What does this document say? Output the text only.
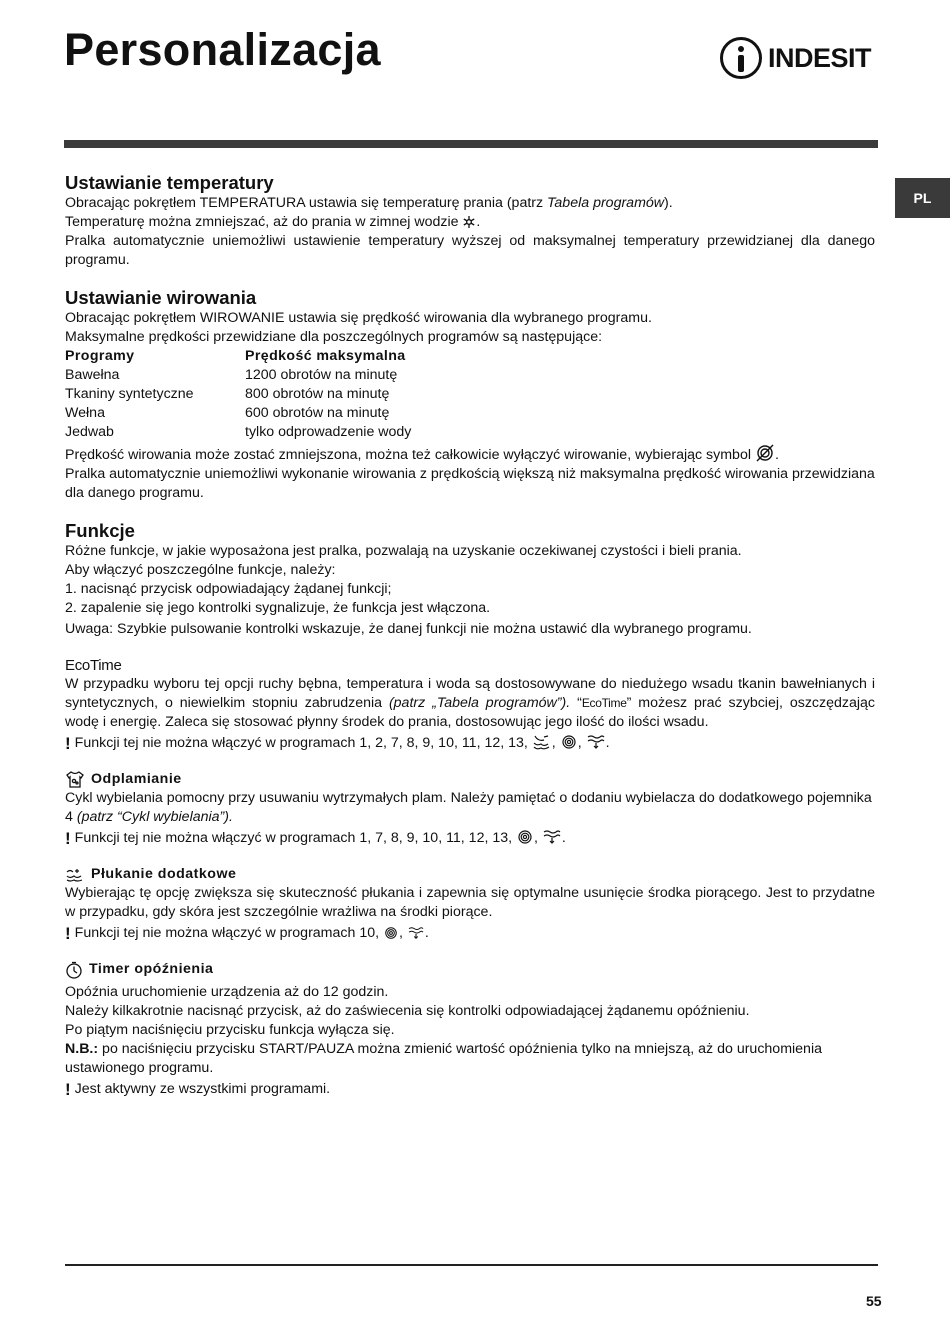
Personalizacja	INDESIT
PL
Ustawianie temperatury

Obracając pokrętłem TEMPERATURA ustawia się temperaturę prania (patrz Tabela programów).

Temperaturę można zmniejszać, aż do prania w zimnej wodzie .

Pralka automatycznie uniemożliwi ustawienie temperatury wyższej od maksymalnej temperatury przewidzianej dla danego programu.

Ustawianie wirowania

Obracając pokrętłem WIROWANIE ustawia się prędkość wirowania dla wybranego programu.

Maksymalne prędkości przewidziane dla poszczególnych programów są następujące:

Programy	Prędkość maksymalna
Bawełna	1200 obrotów na minutę
Tkaniny syntetyczne	800 obrotów na minutę
Wełna	600 obrotów na minutę
Jedwab	tylko odprowadzenie wody

Prędkość wirowania może zostać zmniejszona, można też całkowicie wyłączyć wirowanie, wybierając symbol .

Pralka automatycznie uniemożliwi wykonanie wirowania z prędkością większą niż maksymalna prędkość wirowania przewidziana dla danego programu.

Funkcje

Różne funkcje, w jakie wyposażona jest pralka, pozwalają na uzyskanie oczekiwanej czystości i bieli prania.

Aby włączyć poszczególne funkcje, należy:

1. nacisnąć przycisk odpowiadający żądanej funkcji;

2. zapalenie się jego kontrolki sygnalizuje, że funkcja jest włączona.

Uwaga: Szybkie pulsowanie kontrolki wskazuje, że danej funkcji nie można ustawić dla wybranego programu.

EcoTime

W przypadku wyboru tej opcji ruchy bębna, temperatura i woda są dostosowywane do niedużego wsadu tkanin bawełnianych i syntetycznych, o niewielkim stopniu zabrudzenia (patrz „Tabela programów”). “EcoTime” możesz prać szybciej, oszczędzając wodę i energię. Zaleca się stosować płynny środek do prania, dostosowując jego ilość do ilości wsadu.

! Funkcji tej nie można włączyć w programach 1, 2, 7, 8, 9, 10, 11, 12, 13, , , .
Odplamianie

Cykl wybielania pomocny przy usuwaniu wytrzymałych plam. Należy pamiętać o dodaniu wybielacza do dodatkowego pojemnika 4 (patrz “Cykl wybielania”).

! Funkcji tej nie można włączyć w programach 1, 7, 8, 9, 10, 11, 12, 13, , .
Płukanie dodatkowe

Wybierając tę opcję zwiększa się skuteczność płukania i zapewnia się optymalne usunięcie środka piorącego. Jest to przydatne w przypadku, gdy skóra jest szczególnie wrażliwa na środki piorące.

! Funkcji tej nie można włączyć w programach 10, , .
Timer opóźnienia

Opóźnia uruchomienie urządzenia aż do 12 godzin.

Należy kilkakrotnie nacisnąć przycisk, aż do zaświecenia się kontrolki odpowiadającej żądanemu opóźnieniu.

Po piątym naciśnięciu przycisku funkcja wyłącza się.

N.B.: po naciśnięciu przycisku START/PAUZA można zmienić wartość opóźnienia tylko na mniejszą, aż do uruchomienia ustawionego programu.

! Jest aktywny ze wszystkimi programami.
55
